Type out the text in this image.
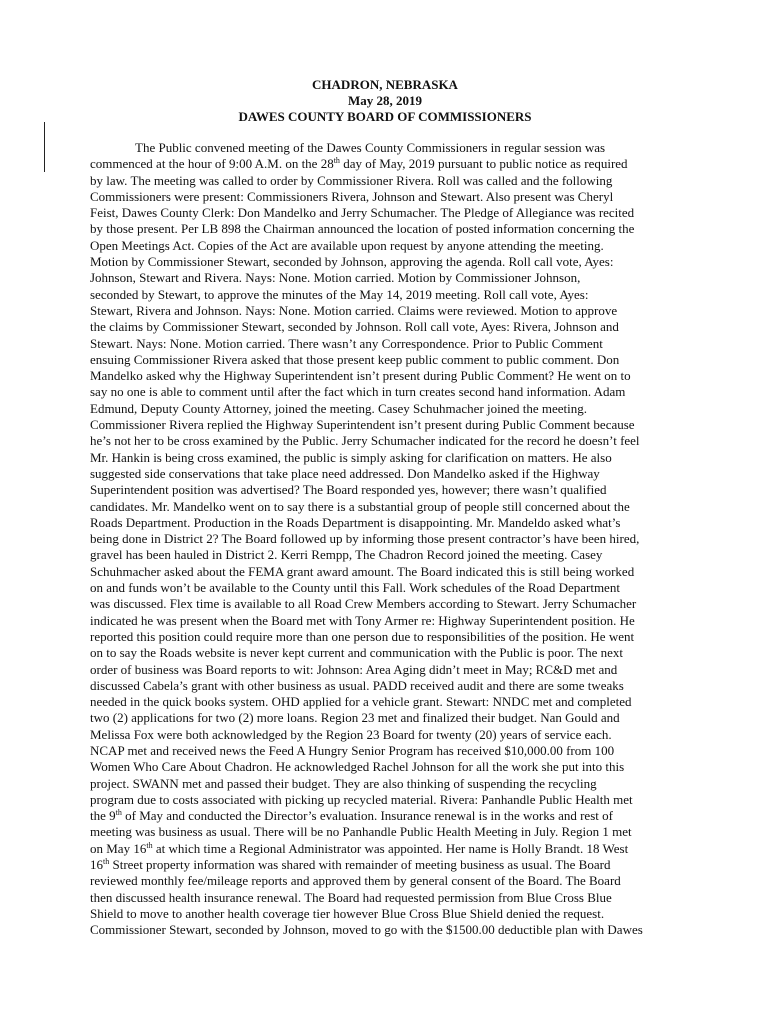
CHADRON, NEBRASKA
May 28, 2019
DAWES COUNTY BOARD OF COMMISSIONERS
The Public convened meeting of the Dawes County Commissioners in regular session was
commenced at the hour of 9:00 A.M. on the 28th day of May, 2019 pursuant to public notice as required
by law. The meeting was called to order by Commissioner Rivera. Roll was called and the following
Commissioners were present: Commissioners Rivera, Johnson and Stewart. Also present was Cheryl
Feist, Dawes County Clerk: Don Mandelko and Jerry Schumacher. The Pledge of Allegiance was recited
by those present. Per LB 898 the Chairman announced the location of posted information concerning the
Open Meetings Act. Copies of the Act are available upon request by anyone attending the meeting.
Motion by Commissioner Stewart, seconded by Johnson, approving the agenda. Roll call vote, Ayes:
Johnson, Stewart and Rivera. Nays: None. Motion carried. Motion by Commissioner Johnson,
seconded by Stewart, to approve the minutes of the May 14, 2019 meeting. Roll call vote, Ayes:
Stewart, Rivera and Johnson. Nays: None. Motion carried. Claims were reviewed. Motion to approve
the claims by Commissioner Stewart, seconded by Johnson. Roll call vote, Ayes: Rivera, Johnson and
Stewart. Nays: None. Motion carried. There wasn’t any Correspondence. Prior to Public Comment
ensuing Commissioner Rivera asked that those present keep public comment to public comment. Don
Mandelko asked why the Highway Superintendent isn’t present during Public Comment? He went on to
say no one is able to comment until after the fact which in turn creates second hand information. Adam
Edmund, Deputy County Attorney, joined the meeting. Casey Schuhmacher joined the meeting.
Commissioner Rivera replied the Highway Superintendent isn’t present during Public Comment because
he’s not her to be cross examined by the Public. Jerry Schumacher indicated for the record he doesn’t feel
Mr. Hankin is being cross examined, the public is simply asking for clarification on matters. He also
suggested side conservations that take place need addressed. Don Mandelko asked if the Highway
Superintendent position was advertised? The Board responded yes, however; there wasn’t qualified
candidates. Mr. Mandelko went on to say there is a substantial group of people still concerned about the
Roads Department. Production in the Roads Department is disappointing. Mr. Mandeldo asked what’s
being done in District 2? The Board followed up by informing those present contractor’s have been hired,
gravel has been hauled in District 2. Kerri Rempp, The Chadron Record joined the meeting. Casey
Schuhmacher asked about the FEMA grant award amount. The Board indicated this is still being worked
on and funds won’t be available to the County until this Fall. Work schedules of the Road Department
was discussed. Flex time is available to all Road Crew Members according to Stewart. Jerry Schumacher
indicated he was present when the Board met with Tony Armer re: Highway Superintendent position. He
reported this position could require more than one person due to responsibilities of the position. He went
on to say the Roads website is never kept current and communication with the Public is poor. The next
order of business was Board reports to wit: Johnson: Area Aging didn’t meet in May; RC&D met and
discussed Cabela’s grant with other business as usual. PADD received audit and there are some tweaks
needed in the quick books system. OHD applied for a vehicle grant. Stewart: NNDC met and completed
two (2) applications for two (2) more loans. Region 23 met and finalized their budget. Nan Gould and
Melissa Fox were both acknowledged by the Region 23 Board for twenty (20) years of service each.
NCAP met and received news the Feed A Hungry Senior Program has received $10,000.00 from 100
Women Who Care About Chadron. He acknowledged Rachel Johnson for all the work she put into this
project. SWANN met and passed their budget. They are also thinking of suspending the recycling
program due to costs associated with picking up recycled material. Rivera: Panhandle Public Health met
the 9th of May and conducted the Director’s evaluation. Insurance renewal is in the works and rest of
meeting was business as usual. There will be no Panhandle Public Health Meeting in July. Region 1 met
on May 16th at which time a Regional Administrator was appointed. Her name is Holly Brandt. 18 West
16th Street property information was shared with remainder of meeting business as usual. The Board
reviewed monthly fee/mileage reports and approved them by general consent of the Board. The Board
then discussed health insurance renewal. The Board had requested permission from Blue Cross Blue
Shield to move to another health coverage tier however Blue Cross Blue Shield denied the request.
Commissioner Stewart, seconded by Johnson, moved to go with the $1500.00 deductible plan with Dawes
